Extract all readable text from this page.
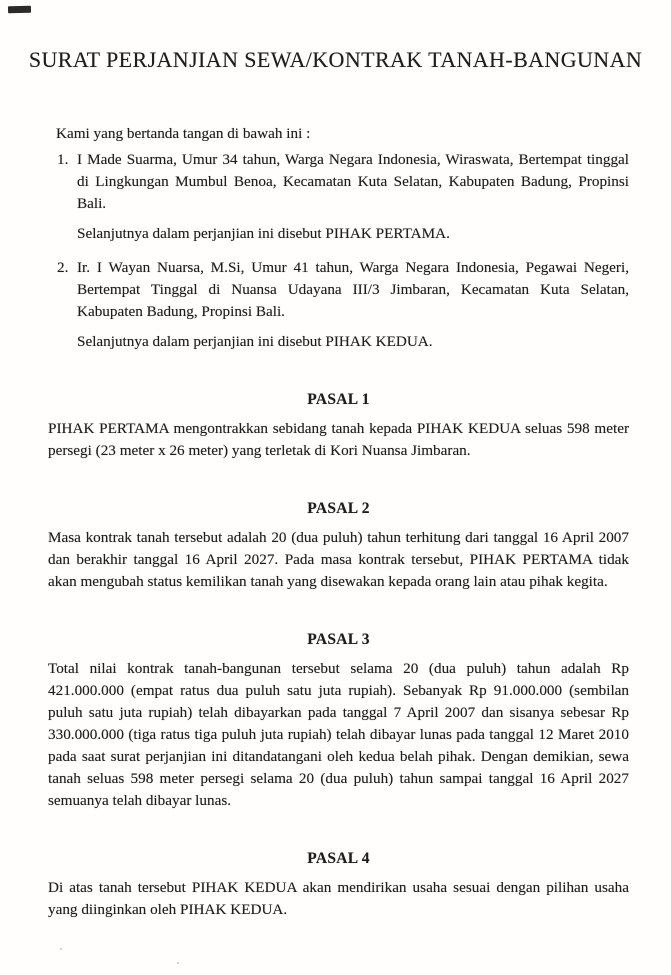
SURAT PERJANJIAN SEWA/KONTRAK TANAH-BANGUNAN
Kami yang bertanda tangan di bawah ini :
1. I Made Suarma, Umur 34 tahun, Warga Negara Indonesia, Wiraswata, Bertempat tinggal di Lingkungan Mumbul Benoa, Kecamatan Kuta Selatan, Kabupaten Badung, Propinsi Bali.
Selanjutnya dalam perjanjian ini disebut PIHAK PERTAMA.
2. Ir. I Wayan Nuarsa, M.Si, Umur 41 tahun, Warga Negara Indonesia, Pegawai Negeri, Bertempat Tinggal di Nuansa Udayana III/3 Jimbaran, Kecamatan Kuta Selatan, Kabupaten Badung, Propinsi Bali.
Selanjutnya dalam perjanjian ini disebut PIHAK KEDUA.
PASAL 1
PIHAK PERTAMA mengontrakkan sebidang tanah kepada PIHAK KEDUA seluas 598 meter persegi (23 meter x 26 meter) yang terletak di Kori Nuansa Jimbaran.
PASAL 2
Masa kontrak tanah tersebut adalah 20 (dua puluh) tahun terhitung dari tanggal 16 April 2007 dan berakhir tanggal 16 April 2027. Pada masa kontrak tersebut, PIHAK PERTAMA tidak akan mengubah status kemilikan tanah yang disewakan kepada orang lain atau pihak kegita.
PASAL 3
Total nilai kontrak tanah-bangunan tersebut selama 20 (dua puluh) tahun adalah Rp 421.000.000 (empat ratus dua puluh satu juta rupiah). Sebanyak Rp 91.000.000 (sembilan puluh satu juta rupiah) telah dibayarkan pada tanggal 7 April 2007 dan sisanya sebesar Rp 330.000.000 (tiga ratus tiga puluh juta rupiah) telah dibayar lunas pada tanggal 12 Maret 2010 pada saat surat perjanjian ini ditandatangani oleh kedua belah pihak. Dengan demikian, sewa tanah seluas 598 meter persegi selama 20 (dua puluh) tahun sampai tanggal 16 April 2027 semuanya telah dibayar lunas.
PASAL 4
Di atas tanah tersebut PIHAK KEDUA akan mendirikan usaha sesuai dengan pilihan usaha yang diinginkan oleh PIHAK KEDUA.
